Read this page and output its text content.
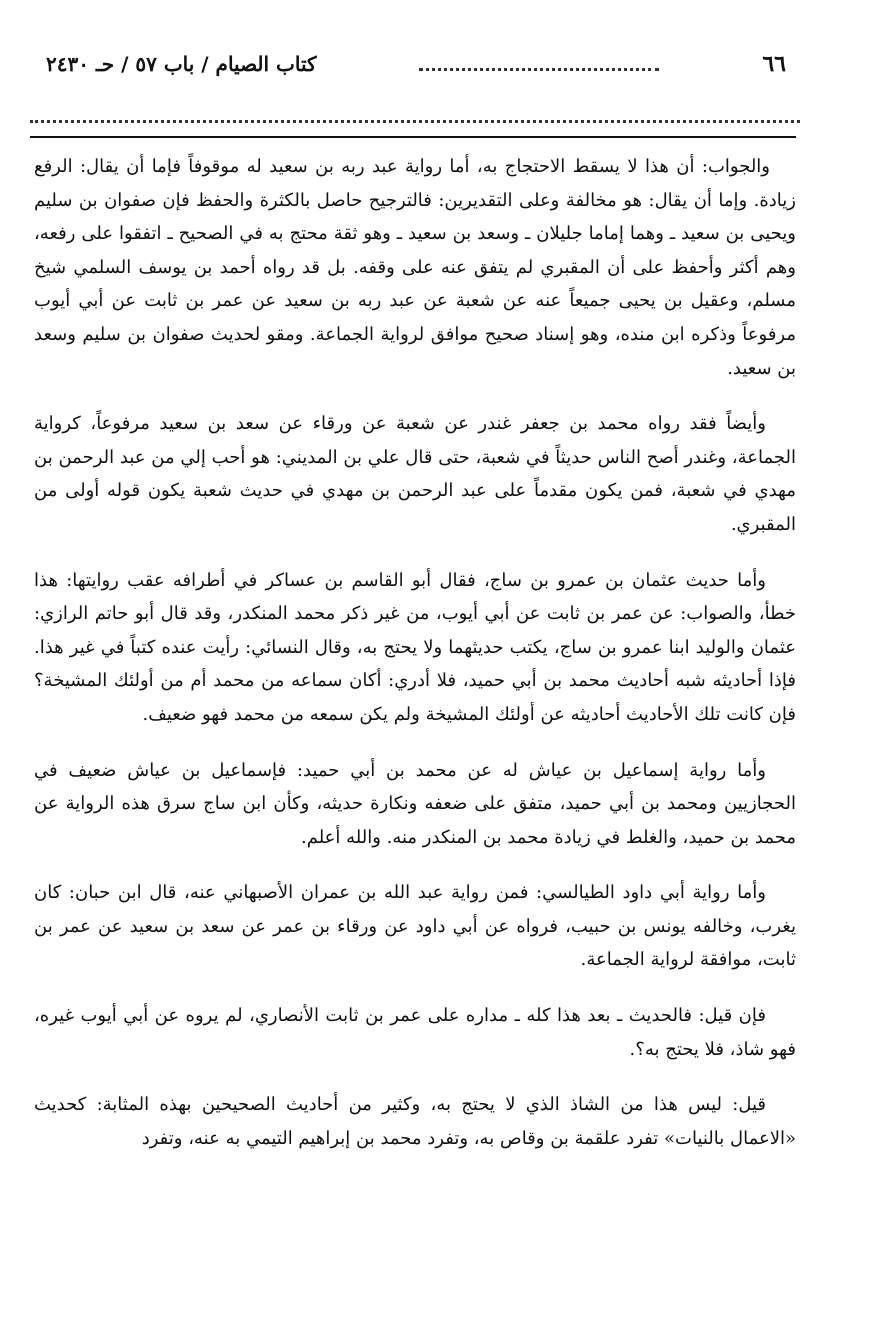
٦٦
كتاب الصيام / باب ٥٧ / حـ ٢٤٣٠

والجواب: أن هذا لا يسقط الاحتجاج به، أما رواية عبد ربه بن سعيد له موقوفاً فإما أن يقال: الرفع زيادة. وإما أن يقال: هو مخالفة وعلى التقديرين: فالترجيح حاصل بالكثرة والحفظ فإن صفوان بن سليم ويحيى بن سعيد ـ وهما إماما جليلان ـ وسعد بن سعيد ـ وهو ثقة محتج به في الصحيح ـ اتفقوا على رفعه، وهم أكثر وأحفظ على أن المقبري لم يتفق عنه على وقفه. بل قد رواه أحمد بن يوسف السلمي شيخ مسلم، وعقيل بن يحيى جميعاً عنه عن شعبة عن عبد ربه بن سعيد عن عمر بن ثابت عن أبي أيوب مرفوعاً وذكره ابن منده، وهو إسناد صحيح موافق لرواية الجماعة. ومقو لحديث صفوان بن سليم وسعد بن سعيد.

وأيضاً فقد رواه محمد بن جعفر غندر عن شعبة عن ورقاء عن سعد بن سعيد مرفوعاً، كرواية الجماعة، وغندر أصح الناس حديثاً في شعبة، حتى قال علي بن المديني: هو أحب إلي من عبد الرحمن بن مهدي في شعبة، فمن يكون مقدماً على عبد الرحمن بن مهدي في حديث شعبة يكون قوله أولى من المقبري.

وأما حديث عثمان بن عمرو بن ساج، فقال أبو القاسم بن عساكر في أطرافه عقب روايتها: هذا خطأ، والصواب: عن عمر بن ثابت عن أبي أيوب، من غير ذكر محمد المنكدر، وقد قال أبو حاتم الرازي: عثمان والوليد ابنا عمرو بن ساج، يكتب حديثهما ولا يحتج به، وقال النسائي: رأيت عنده كتباً في غير هذا. فإذا أحاديثه شبه أحاديث محمد بن أبي حميد، فلا أدري: أكان سماعه من محمد أم من أولئك المشيخة؟ فإن كانت تلك الأحاديث أحاديثه عن أولئك المشيخة ولم يكن سمعه من محمد فهو ضعيف.

وأما رواية إسماعيل بن عياش له عن محمد بن أبي حميد: فإسماعيل بن عياش ضعيف في الحجازيين ومحمد بن أبي حميد، متفق على ضعفه ونكارة حديثه، وكأن ابن ساج سرق هذه الرواية عن محمد بن حميد، والغلط في زيادة محمد بن المنكدر منه. والله أعلم.

وأما رواية أبي داود الطيالسي: فمن رواية عبد الله بن عمران الأصبهاني عنه، قال ابن حبان: كان يغرب، وخالفه يونس بن حبيب، فرواه عن أبي داود عن ورقاء بن عمر عن سعد بن سعيد عن عمر بن ثابت، موافقة لرواية الجماعة.

فإن قيل: فالحديث ـ بعد هذا كله ـ مداره على عمر بن ثابت الأنصاري، لم يروه عن أبي أيوب غيره، فهو شاذ، فلا يحتج به؟.

قيل: ليس هذا من الشاذ الذي لا يحتج به، وكثير من أحاديث الصحيحين بهذه المثابة: كحديث «الاعمال بالنيات» تفرد علقمة بن وقاص به، وتفرد محمد بن إبراهيم التيمي به عنه، وتفرد
